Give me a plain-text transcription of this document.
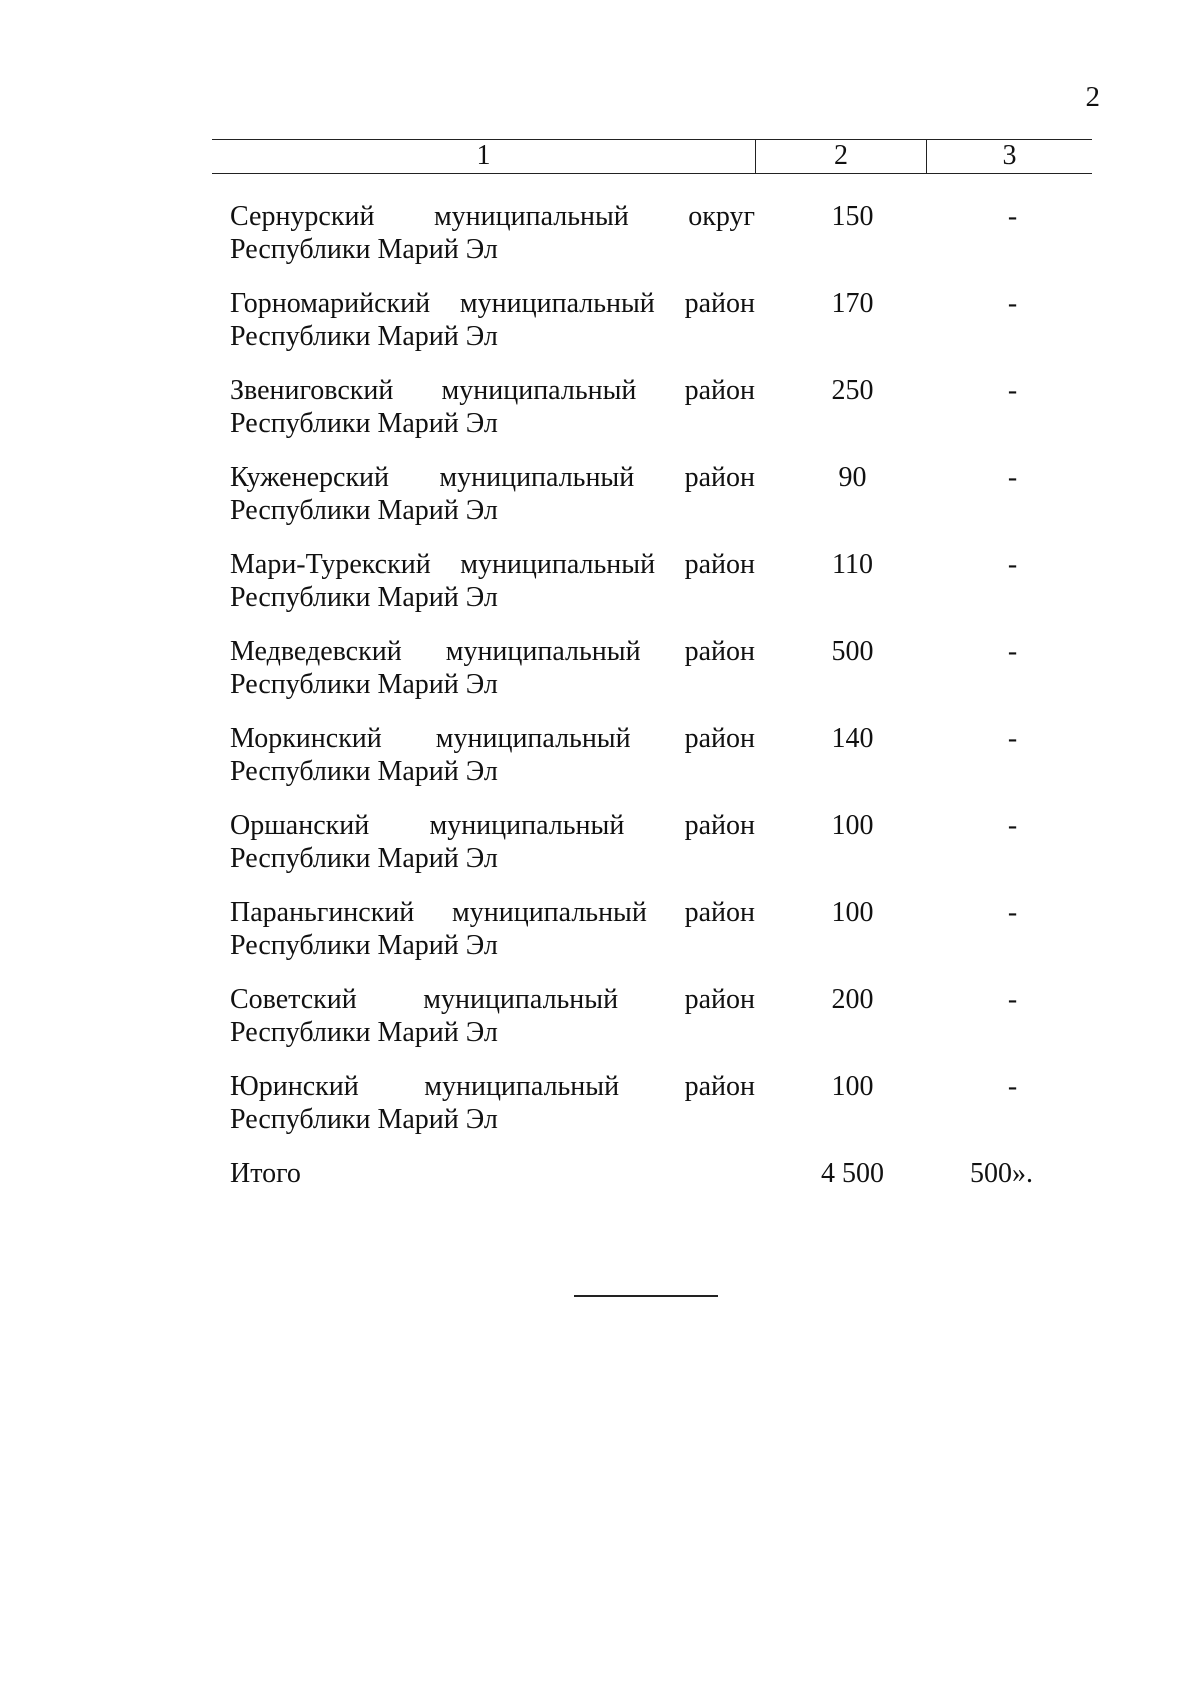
2
1	2	3
Сернурский муниципальный округ
Республики Марий Эл
150	-
Горномарийский муниципальный район
Республики Марий Эл
170	-
Звениговский муниципальный район
Республики Марий Эл
250	-
Куженерский муниципальный район
Республики Марий Эл
90	-
Мари-Турекский муниципальный район
Республики Марий Эл
110	-
Медведевский муниципальный район
Республики Марий Эл
500	-
Моркинский муниципальный район
Республики Марий Эл
140	-
Оршанский муниципальный район
Республики Марий Эл
100	-
Параньгинский муниципальный район
Республики Марий Эл
100	-
Советский муниципальный район
Республики Марий Эл
200	-
Юринский муниципальный район
Республики Марий Эл
100	-
Итого	4 500	500».
